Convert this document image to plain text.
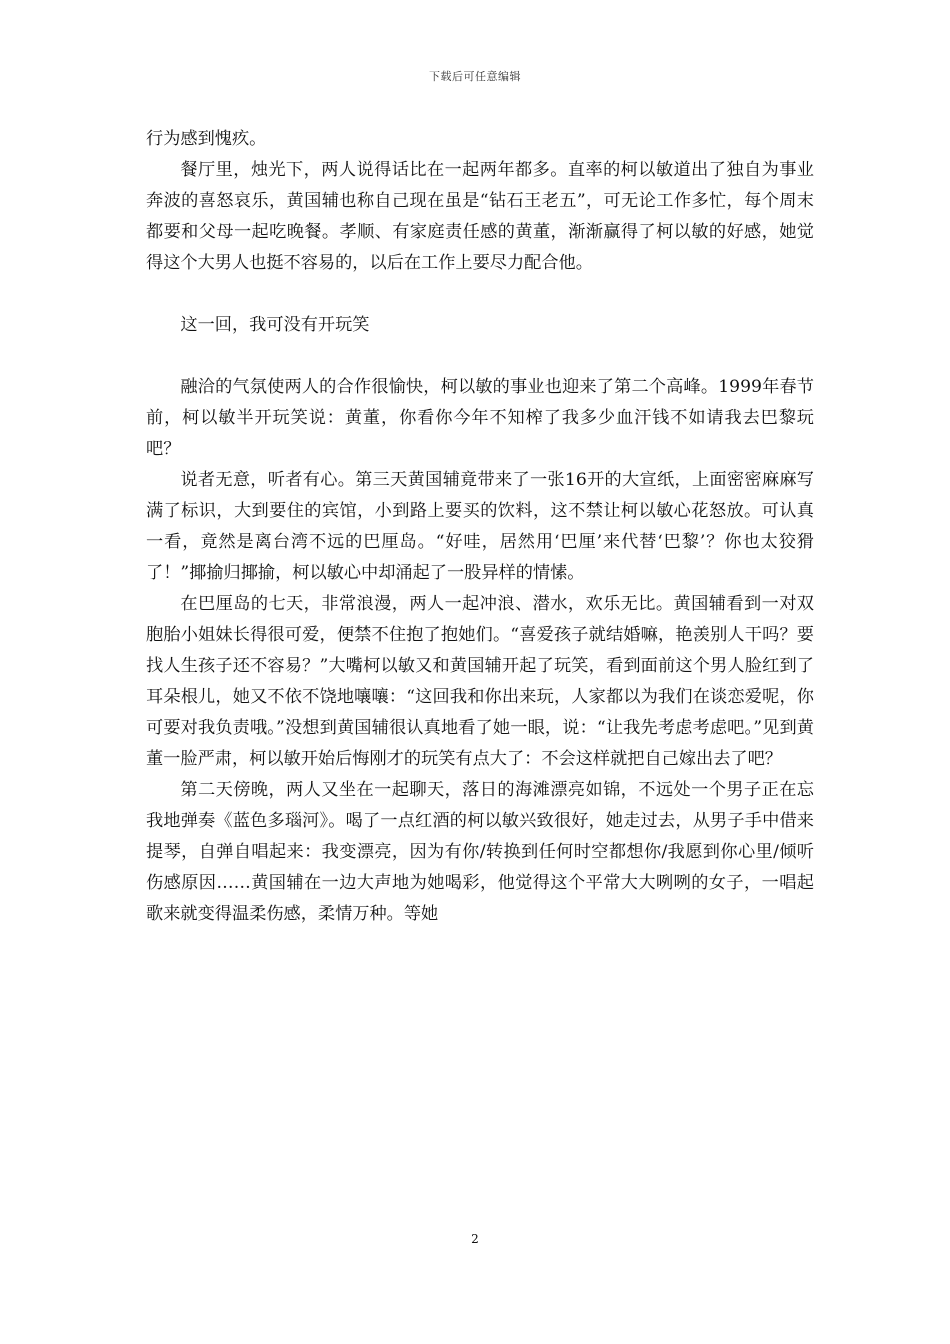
下载后可任意编辑

行为感到愧疚。

餐厅里，烛光下，两人说得话比在一起两年都多。直率的柯以敏道出了独自为事业奔波的喜怒哀乐，黄国辅也称自己现在虽是“钻石王老五”，可无论工作多忙，每个周末都要和父母一起吃晚餐。孝顺、有家庭责任感的黄董，渐渐赢得了柯以敏的好感，她觉得这个大男人也挺不容易的，以后在工作上要尽力配合他。

这一回，我可没有开玩笑

融洽的气氛使两人的合作很愉快，柯以敏的事业也迎来了第二个高峰。1999年春节前，柯以敏半开玩笑说：黄董，你看你今年不知榨了我多少血汗钱不如请我去巴黎玩吧？

说者无意，听者有心。第三天黄国辅竟带来了一张16开的大宣纸，上面密密麻麻写满了标识，大到要住的宾馆，小到路上要买的饮料，这不禁让柯以敏心花怒放。可认真一看，竟然是离台湾不远的巴厘岛。“好哇，居然用‘巴厘’来代替‘巴黎’？你也太狡猾了！”揶揄归揶揄，柯以敏心中却涌起了一股异样的情愫。

在巴厘岛的七天，非常浪漫，两人一起冲浪、潜水，欢乐无比。黄国辅看到一对双胞胎小姐妹长得很可爱，便禁不住抱了抱她们。“喜爱孩子就结婚嘛，艳羡别人干吗？要找人生孩子还不容易？”大嘴柯以敏又和黄国辅开起了玩笑，看到面前这个男人脸红到了耳朵根儿，她又不依不饶地嚷嚷：“这回我和你出来玩，人家都以为我们在谈恋爱呢，你可要对我负责哦。”没想到黄国辅很认真地看了她一眼，说：“让我先考虑考虑吧。”见到黄董一脸严肃，柯以敏开始后悔刚才的玩笑有点大了：不会这样就把自己嫁出去了吧？

第二天傍晚，两人又坐在一起聊天，落日的海滩漂亮如锦，不远处一个男子正在忘我地弹奏《蓝色多瑙河》。喝了一点红酒的柯以敏兴致很好，她走过去，从男子手中借来提琴，自弹自唱起来：我变漂亮，因为有你/转换到任何时空都想你/我愿到你心里/倾听伤感原因……黄国辅在一边大声地为她喝彩，他觉得这个平常大大咧咧的女子，一唱起歌来就变得温柔伤感，柔情万种。等她

2
